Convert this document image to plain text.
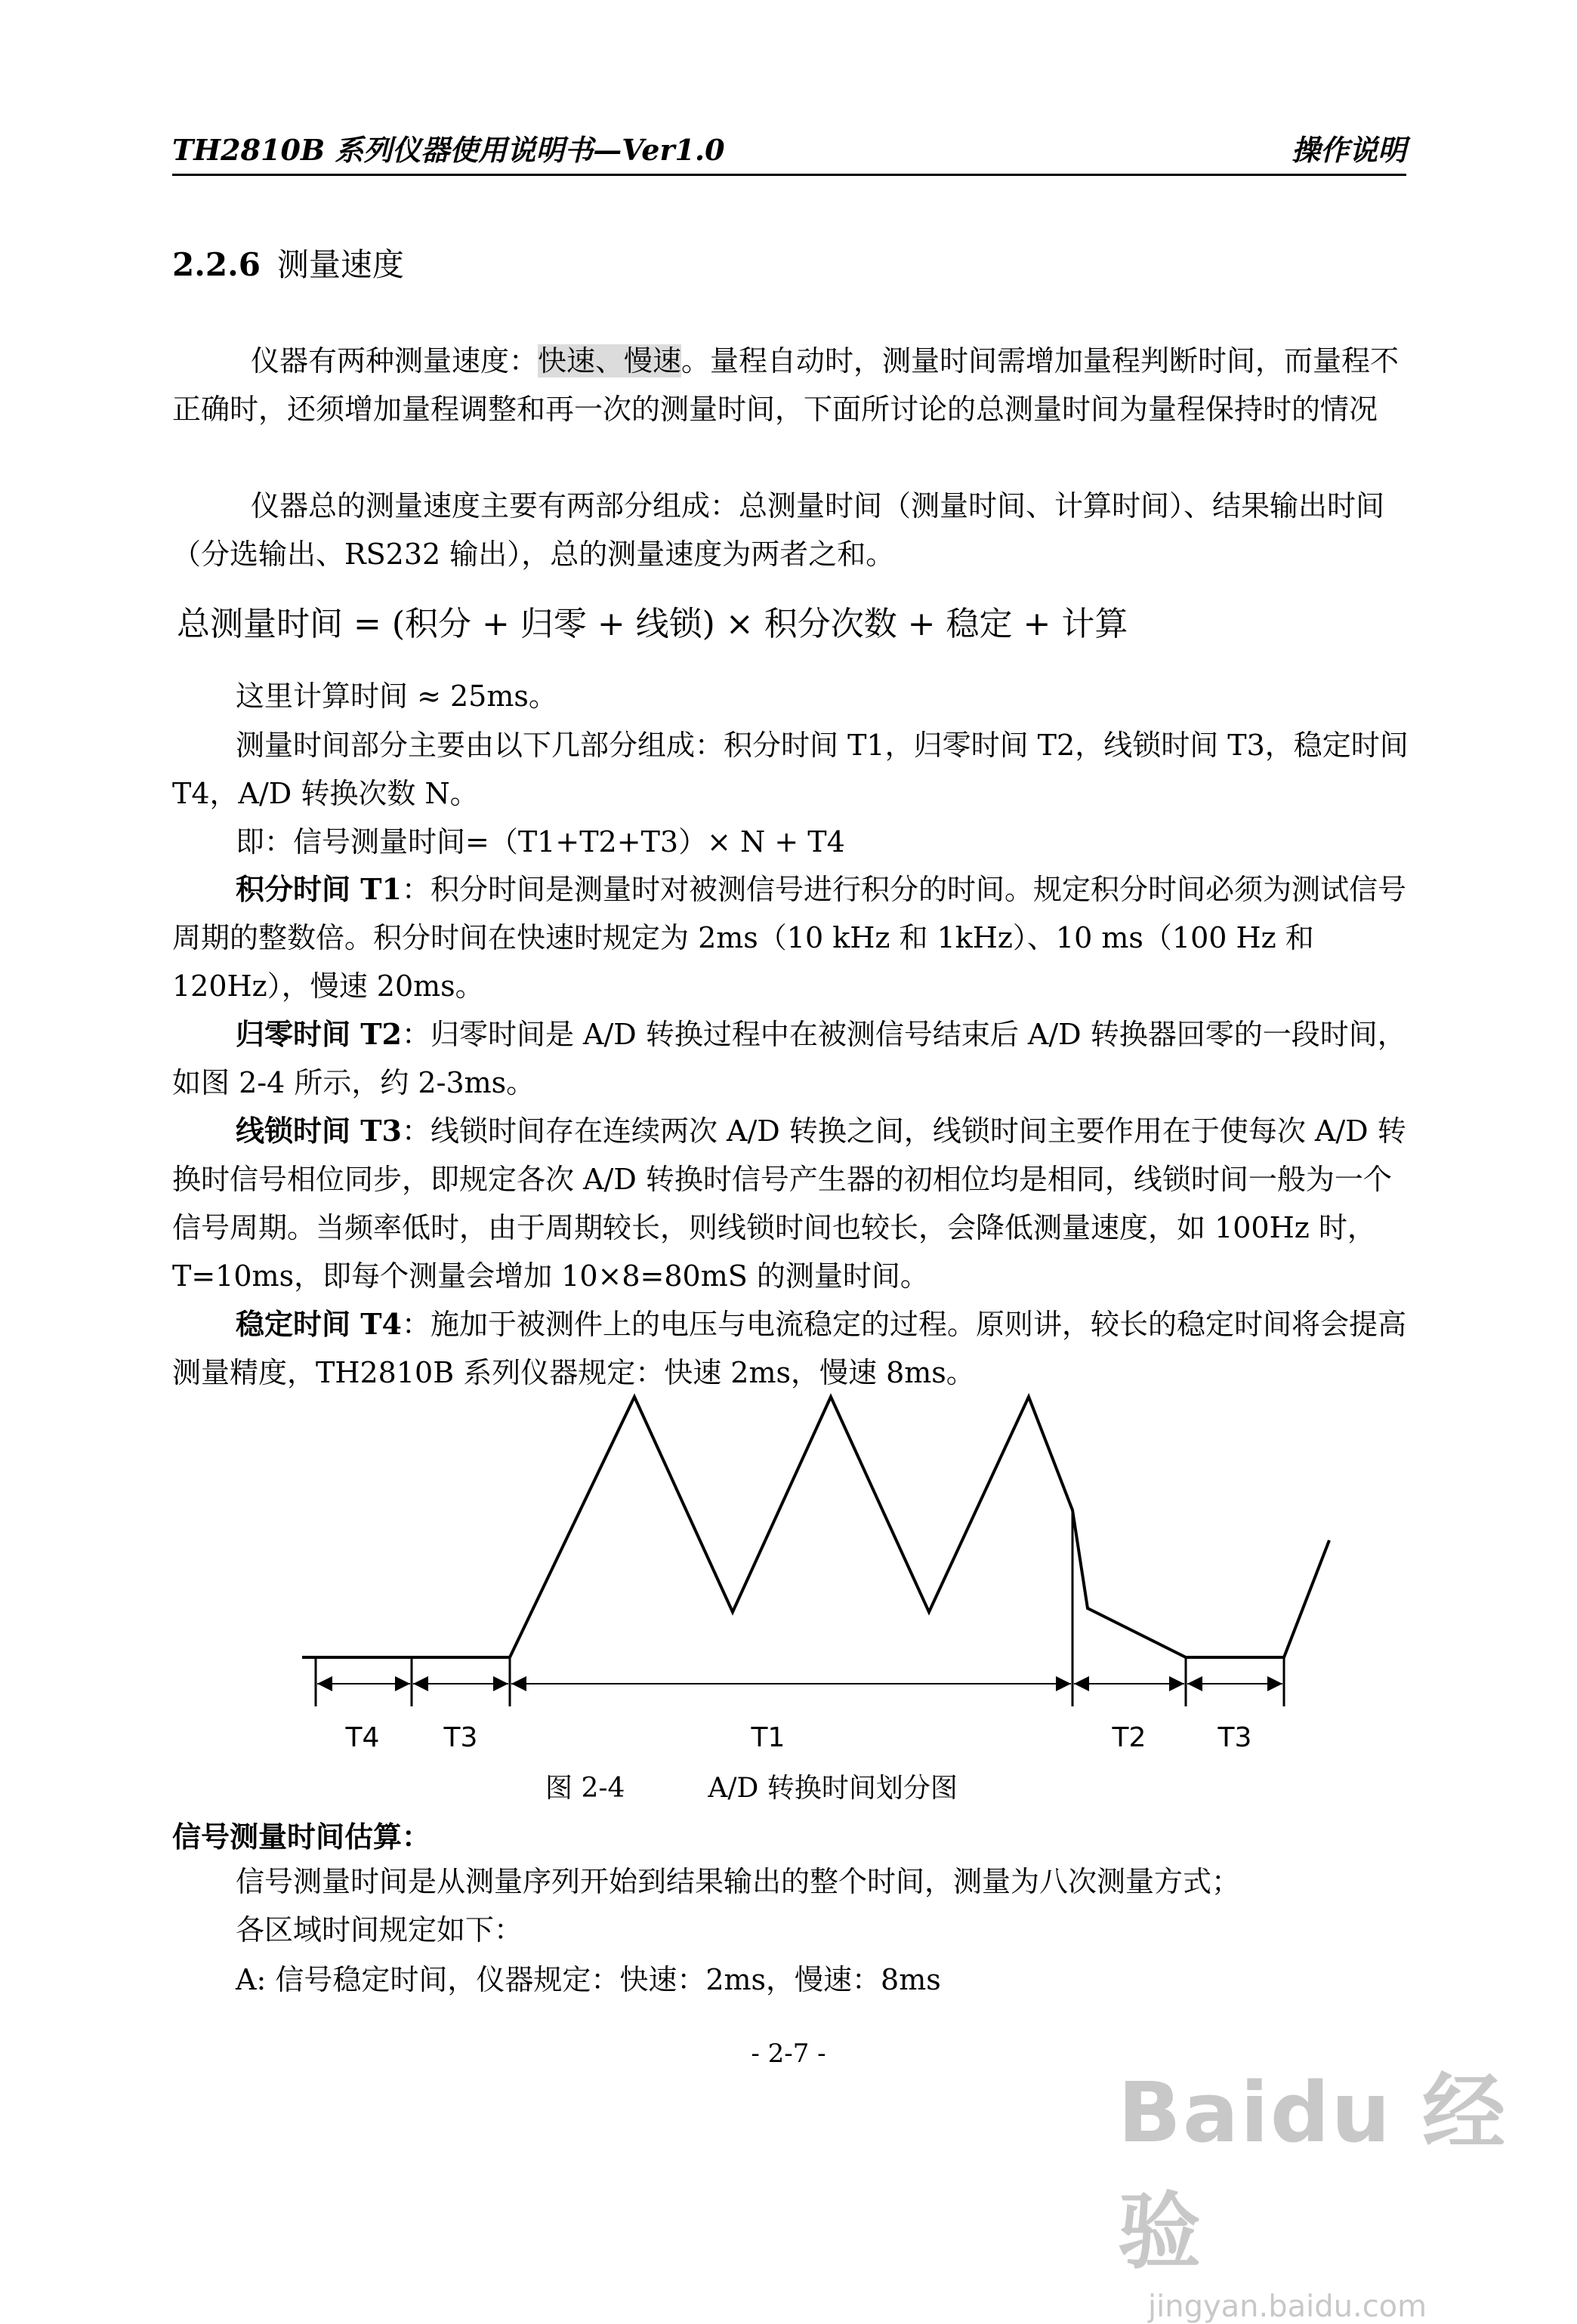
TH2810B 系列仪器使用说明书—Ver1.0	操作说明
2.2.6 测量速度
仪器有两种测量速度：快速、慢速。量程自动时，测量时间需增加量程判断时间，而量程不正确时，还须增加量程调整和再一次的测量时间，下面所讨论的总测量时间为量程保持时的情况
仪器总的测量速度主要有两部分组成：总测量时间（测量时间、计算时间）、结果输出时间（分选输出、RS232 输出），总的测量速度为两者之和。
总测量时间 = (积分 + 归零 + 线锁) × 积分次数 + 稳定 + 计算
这里计算时间 ≈ 25ms。
测量时间部分主要由以下几部分组成：积分时间 T1，归零时间 T2，线锁时间 T3，稳定时间 T4，A/D 转换次数 N。
即：信号测量时间=（T1+T2+T3）× N + T4
积分时间 T1：积分时间是测量时对被测信号进行积分的时间。规定积分时间必须为测试信号周期的整数倍。积分时间在快速时规定为 2ms（10 kHz 和 1kHz）、10 ms（100 Hz 和 120Hz），慢速 20ms。
归零时间 T2：归零时间是 A/D 转换过程中在被测信号结束后 A/D 转换器回零的一段时间，如图 2-4 所示，约 2-3ms。
线锁时间 T3：线锁时间存在连续两次 A/D 转换之间，线锁时间主要作用在于使每次 A/D 转换时信号相位同步，即规定各次 A/D 转换时信号产生器的初相位均是相同，线锁时间一般为一个信号周期。当频率低时，由于周期较长，则线锁时间也较长，会降低测量速度，如 100Hz 时，T=10ms，即每个测量会增加 10×8=80mS 的测量时间。
稳定时间 T4：施加于被测件上的电压与电流稳定的过程。原则讲，较长的稳定时间将会提高测量精度，TH2810B 系列仪器规定：快速 2ms，慢速 8ms。
T4 T3	T1	T2	T3
图 2-4	A/D 转换时间划分图
信号测量时间估算：
信号测量时间是从测量序列开始到结果输出的整个时间，测量为八次测量方式；
各区域时间规定如下：
A: 信号稳定时间，仪器规定：快速：2ms，慢速：8ms
- 2-7 -
Baidu 经验
jingyan.baidu.com
